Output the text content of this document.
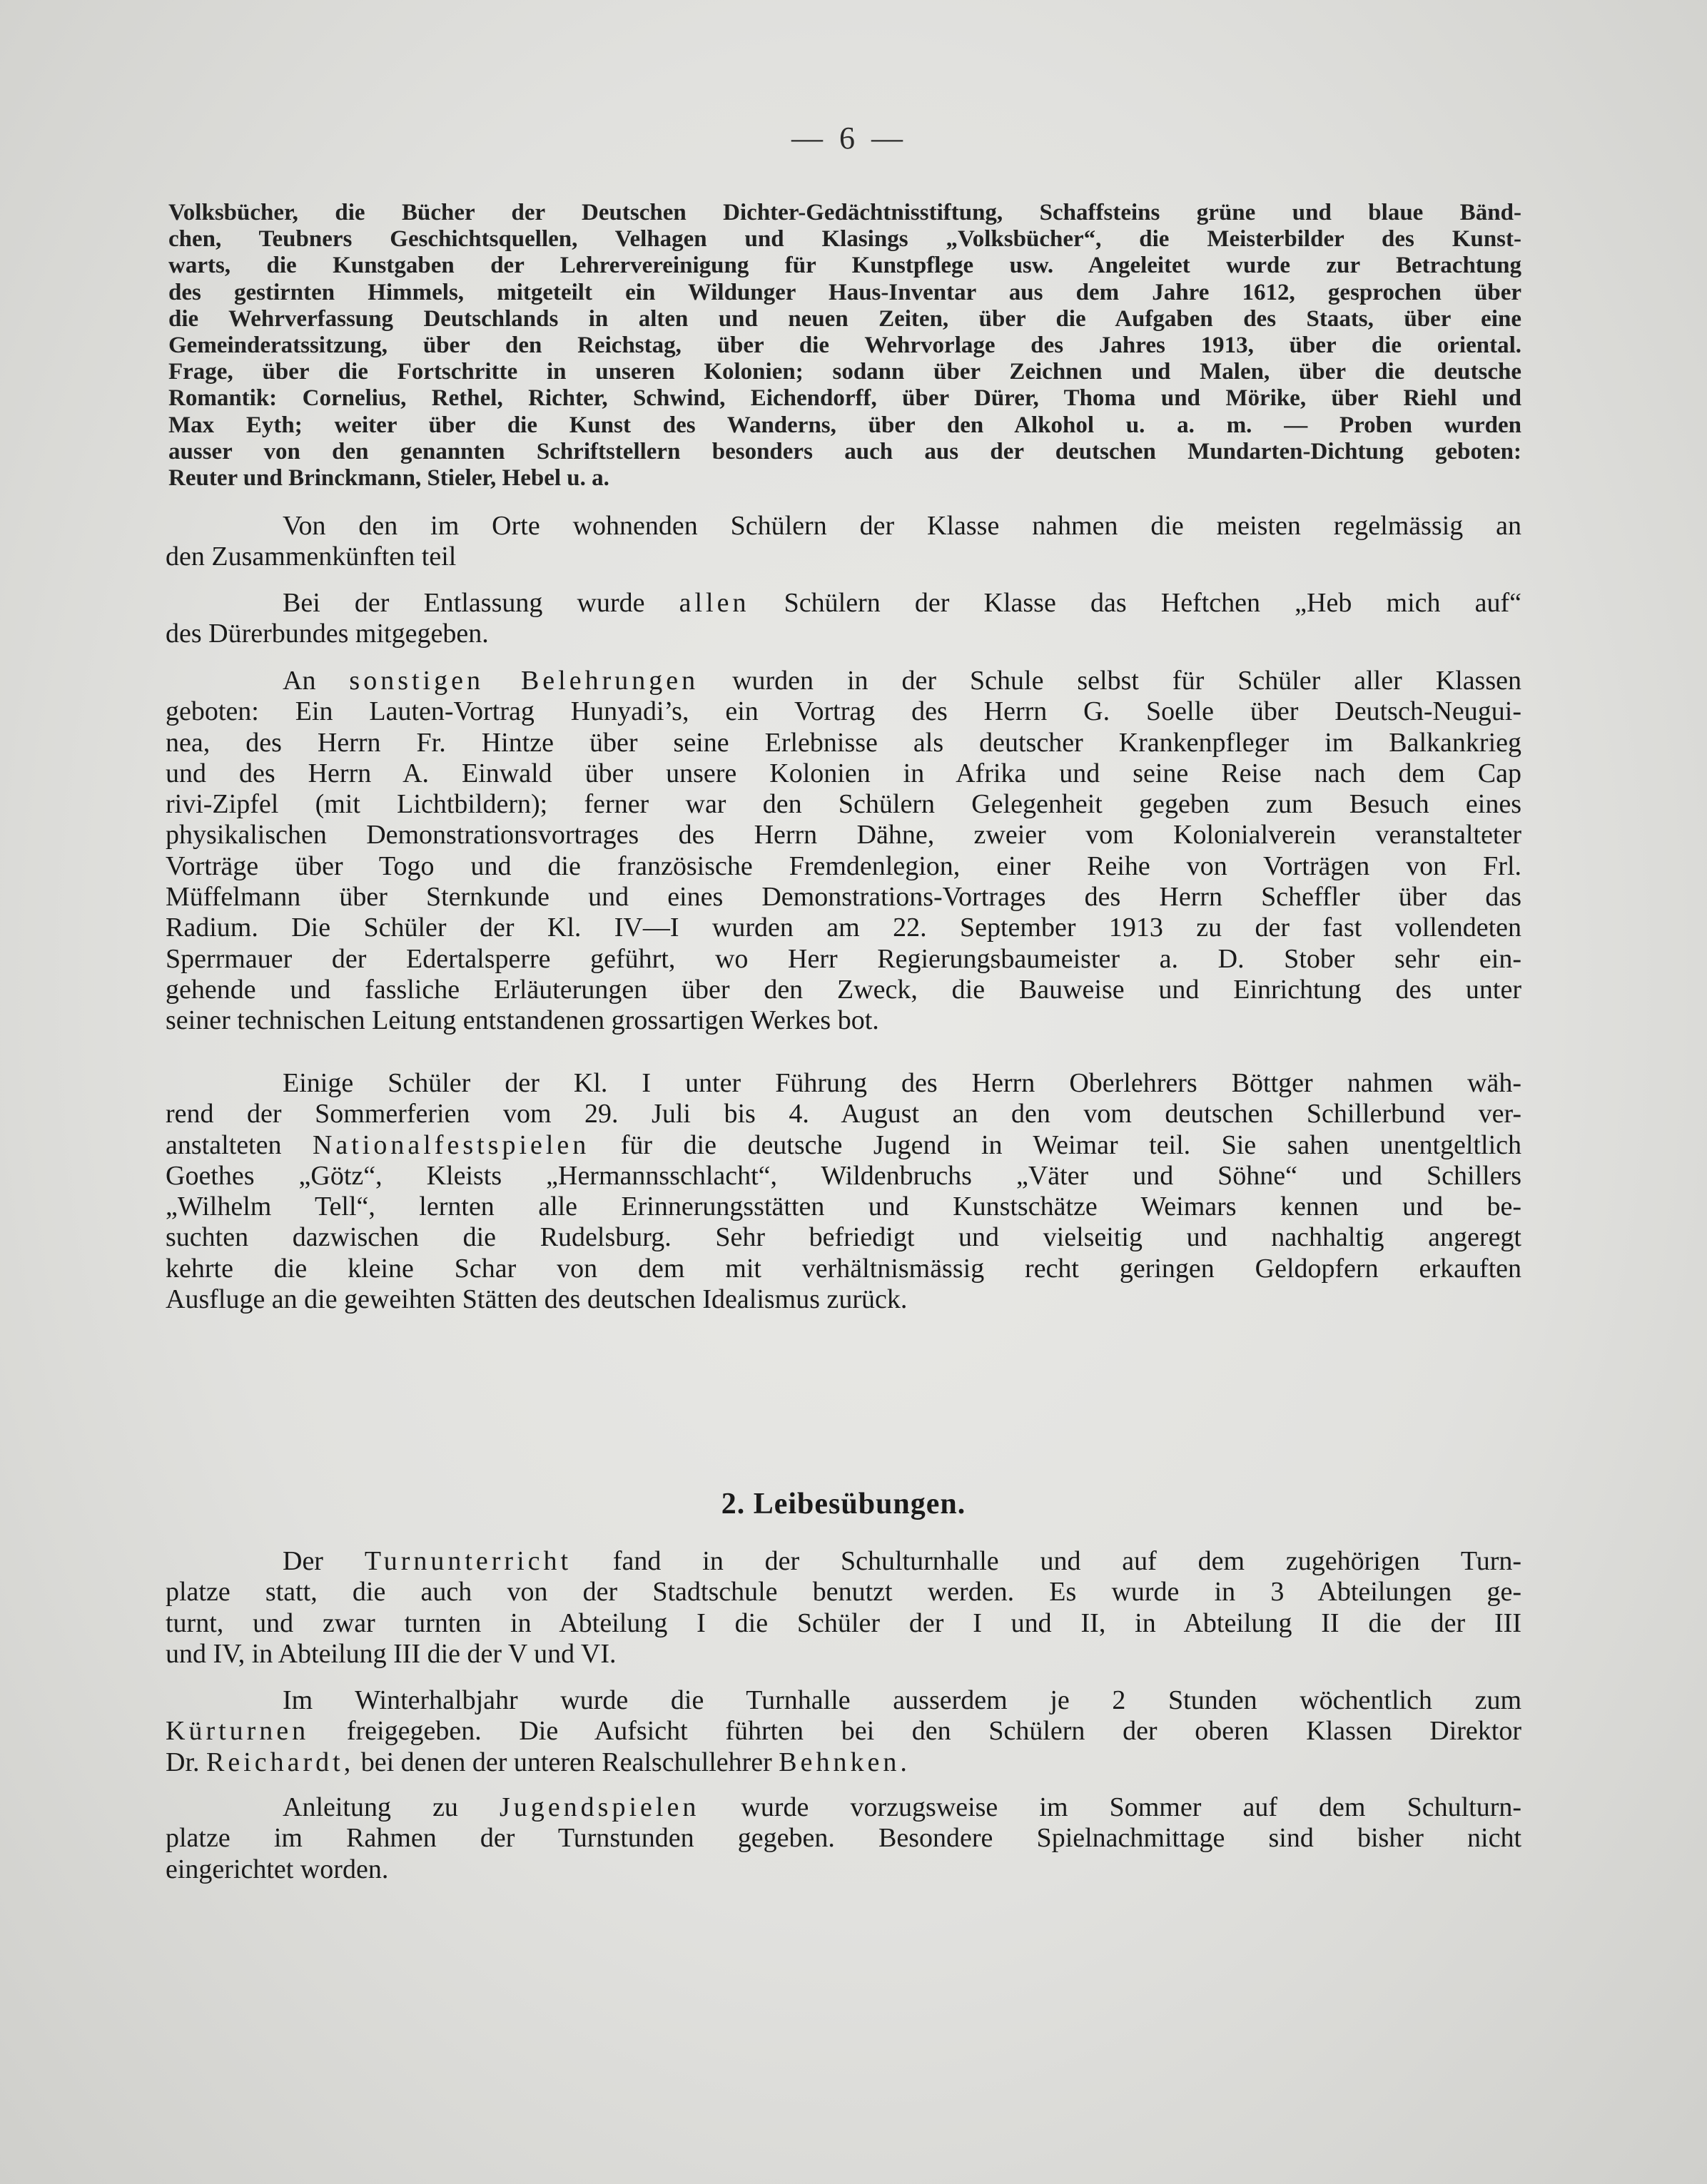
— 6 —

Volksbücher, die Bücher der Deutschen Dichter-Gedächtnisstiftung, Schaffsteins grüne und blaue Bänd-

chen, Teubners Geschichtsquellen, Velhagen und Klasings „Volksbücher“, die Meisterbilder des Kunst-

warts, die Kunstgaben der Lehrervereinigung für Kunstpflege usw. Angeleitet wurde zur Betrachtung

des gestirnten Himmels, mitgeteilt ein Wildunger Haus-Inventar aus dem Jahre 1612, gesprochen über

die Wehrverfassung Deutschlands in alten und neuen Zeiten, über die Aufgaben des Staats, über eine

Gemeinderatssitzung, über den Reichstag, über die Wehrvorlage des Jahres 1913, über die oriental.

Frage, über die Fortschritte in unseren Kolonien; sodann über Zeichnen und Malen, über die deutsche

Romantik: Cornelius, Rethel, Richter, Schwind, Eichendorff, über Dürer, Thoma und Mörike, über Riehl und

Max Eyth; weiter über die Kunst des Wanderns, über den Alkohol u. a. m. — Proben wurden

ausser von den genannten Schriftstellern besonders auch aus der deutschen Mundarten-Dichtung geboten:

Reuter und Brinckmann, Stieler, Hebel u. a.

Von den im Orte wohnenden Schülern der Klasse nahmen die meisten regelmässig an

den Zusammenkünften teil

Bei der Entlassung wurde allen Schülern der Klasse das Heftchen „Heb mich auf“

des Dürerbundes mitgegeben.

An sonstigen Belehrungen wurden in der Schule selbst für Schüler aller Klassen

geboten: Ein Lauten-Vortrag Hunyadi’s, ein Vortrag des Herrn G. Soelle über Deutsch-Neugui-

nea, des Herrn Fr. Hintze über seine Erlebnisse als deutscher Krankenpfleger im Balkankrieg

und des Herrn A. Einwald über unsere Kolonien in Afrika und seine Reise nach dem Cap

rivi-Zipfel (mit Lichtbildern); ferner war den Schülern Gelegenheit gegeben zum Besuch eines

physikalischen Demonstrationsvortrages des Herrn Dähne, zweier vom Kolonialverein veranstalteter

Vorträge über Togo und die französische Fremdenlegion, einer Reihe von Vorträgen von Frl.

Müffelmann über Sternkunde und eines Demonstrations-Vortrages des Herrn Scheffler über das

Radium. Die Schüler der Kl. IV—I wurden am 22. September 1913 zu der fast vollendeten

Sperrmauer der Edertalsperre geführt, wo Herr Regierungsbaumeister a. D. Stober sehr ein-

gehende und fassliche Erläuterungen über den Zweck, die Bauweise und Einrichtung des unter

seiner technischen Leitung entstandenen grossartigen Werkes bot.

Einige Schüler der Kl. I unter Führung des Herrn Oberlehrers Böttger nahmen wäh-

rend der Sommerferien vom 29. Juli bis 4. August an den vom deutschen Schillerbund ver-

anstalteten Nationalfestspielen für die deutsche Jugend in Weimar teil. Sie sahen unentgeltlich

Goethes „Götz“, Kleists „Hermannsschlacht“, Wildenbruchs „Väter und Söhne“ und Schillers

„Wilhelm Tell“, lernten alle Erinnerungsstätten und Kunstschätze Weimars kennen und be-

suchten dazwischen die Rudelsburg. Sehr befriedigt und vielseitig und nachhaltig angeregt

kehrte die kleine Schar von dem mit verhältnismässig recht geringen Geldopfern erkauften

Ausfluge an die geweihten Stätten des deutschen Idealismus zurück.

2. Leibesübungen.

Der Turnunterricht fand in der Schulturnhalle und auf dem zugehörigen Turn-

platze statt, die auch von der Stadtschule benutzt werden. Es wurde in 3 Abteilungen ge-

turnt, und zwar turnten in Abteilung I die Schüler der I und II, in Abteilung II die der III

und IV, in Abteilung III die der V und VI.

Im Winterhalbjahr wurde die Turnhalle ausserdem je 2 Stunden wöchentlich zum

Kürturnen freigegeben. Die Aufsicht führten bei den Schülern der oberen Klassen Direktor

Dr. Reichardt, bei denen der unteren Realschullehrer Behnken.

Anleitung zu Jugendspielen wurde vorzugsweise im Sommer auf dem Schulturn-

platze im Rahmen der Turnstunden gegeben. Besondere Spielnachmittage sind bisher nicht

eingerichtet worden.
